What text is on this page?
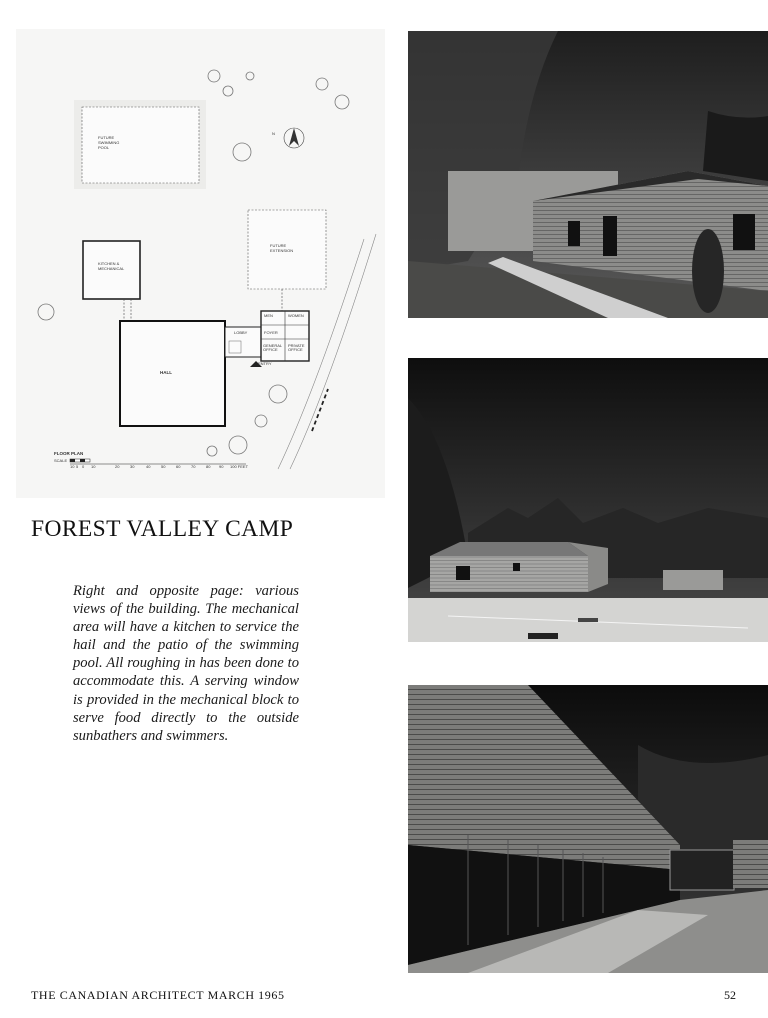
FUTURE
SWIMMING
POOL
N
FUTURE
EXTENSION
KITCHEN &
MECHANICAL
HALL
LOBBY
MEN	WOMEN
FOYER
GENERAL
OFFICE
PRIVATE
OFFICE
ENTRY
FLOOR PLAN
SCALE
10 5 0 10	20	30	40	50	60	70	80 90 100 FEET
FOREST VALLEY CAMP
Right and opposite page: various views of the building. The mechanical area will have a kitchen to service the hail and the patio of the swimming pool. All roughing in has been done to accommodate this. A serving window is provided in the mechanical block to serve food directly to the outside sunbathers and swimmers.
THE CANADIAN ARCHITECT MARCH 1965	52
